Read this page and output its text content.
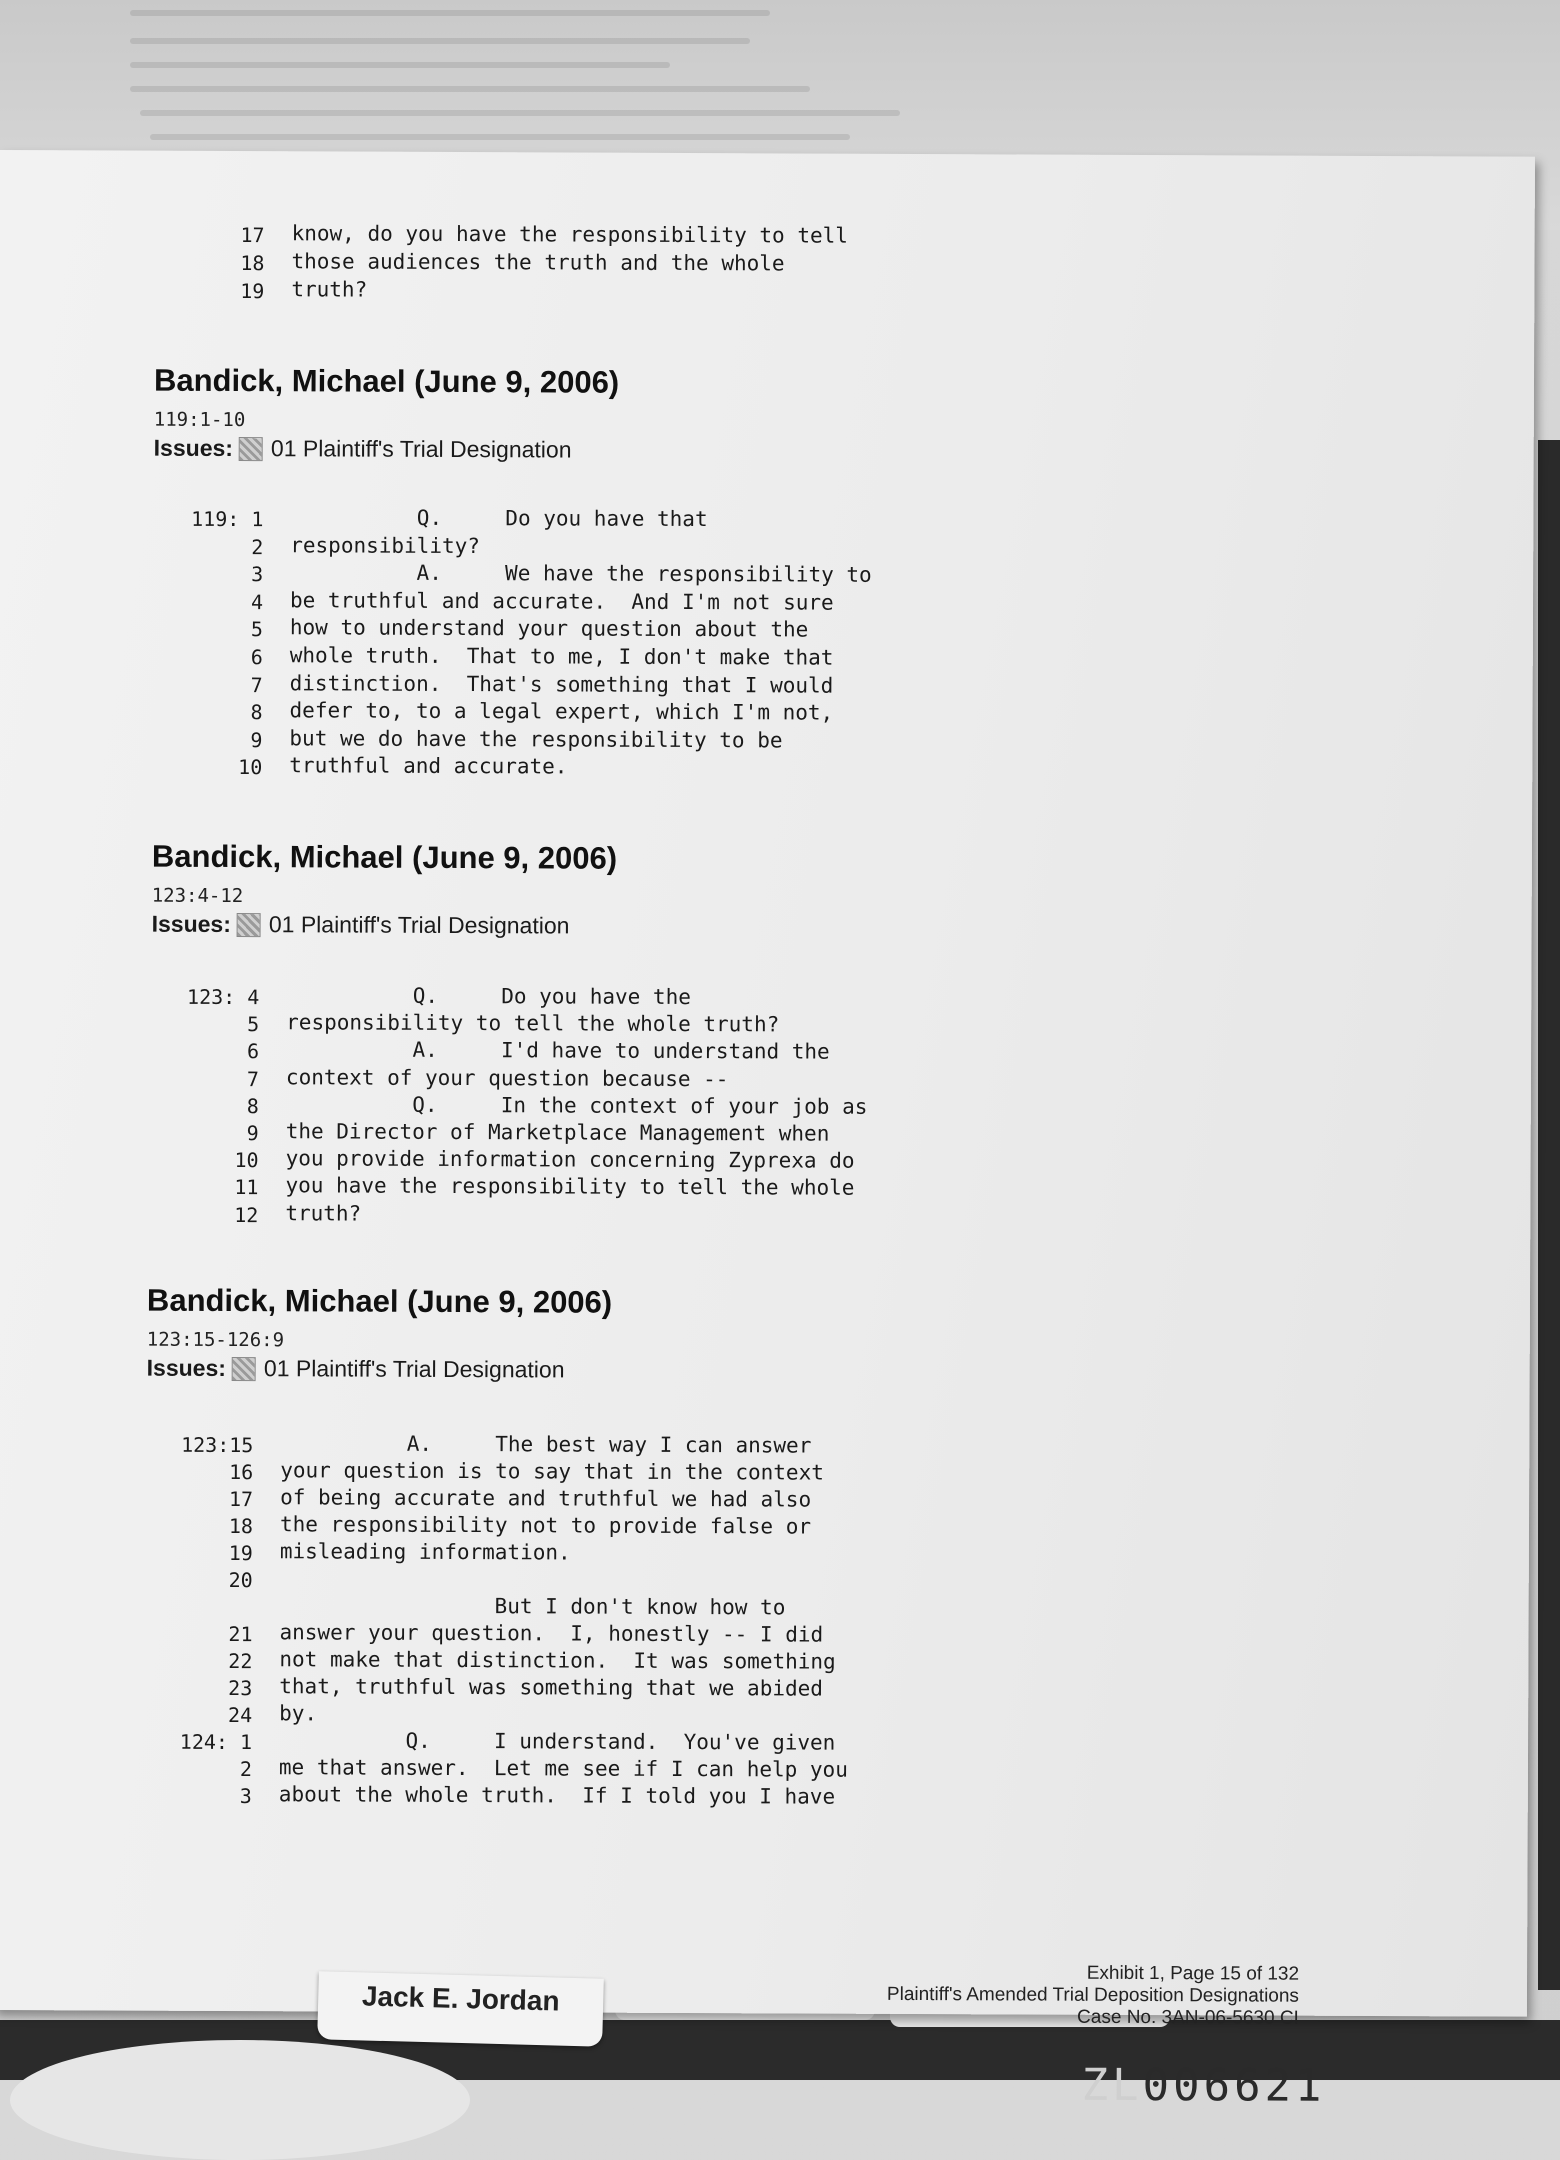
17 know, do you have the responsibility to tell
18 those audiences the truth and the whole
19 truth?
Bandick, Michael (June 9, 2006)
119:1-10
Issues: 01 Plaintiff's Trial Designation
119: 1 Q.     Do you have that
2 responsibility?
3 A.     We have the responsibility to
4 be truthful and accurate.  And I'm not sure
5 how to understand your question about the
6 whole truth.  That to me, I don't make that
7 distinction.  That's something that I would
8 defer to, to a legal expert, which I'm not,
9 but we do have the responsibility to be
10 truthful and accurate.
Bandick, Michael (June 9, 2006)
123:4-12
Issues: 01 Plaintiff's Trial Designation
123: 4 Q.     Do you have the
5 responsibility to tell the whole truth?
6 A.     I'd have to understand the
7 context of your question because --
8 Q.     In the context of your job as
9 the Director of Marketplace Management when
10 you provide information concerning Zyprexa do
11 you have the responsibility to tell the whole
12 truth?
Bandick, Michael (June 9, 2006)
123:15-126:9
Issues: 01 Plaintiff's Trial Designation
123:15 A.     The best way I can answer
16 your question is to say that in the context
17 of being accurate and truthful we had also
18 the responsibility not to provide false or
19 misleading information.
20
But I don't know how to
21 answer your question.  I, honestly -- I did
22 not make that distinction.  It was something
23 that, truthful was something that we abided
24 by.
124: 1 Q.     I understand.  You've given
2 me that answer.  Let me see if I can help you
3 about the whole truth.  If I told you I have
Exhibit 1, Page 15 of 132
Plaintiff's Amended Trial Deposition Designations
Case No. 3AN-06-5630 CI
ZL006621
Jack E. Jordan
